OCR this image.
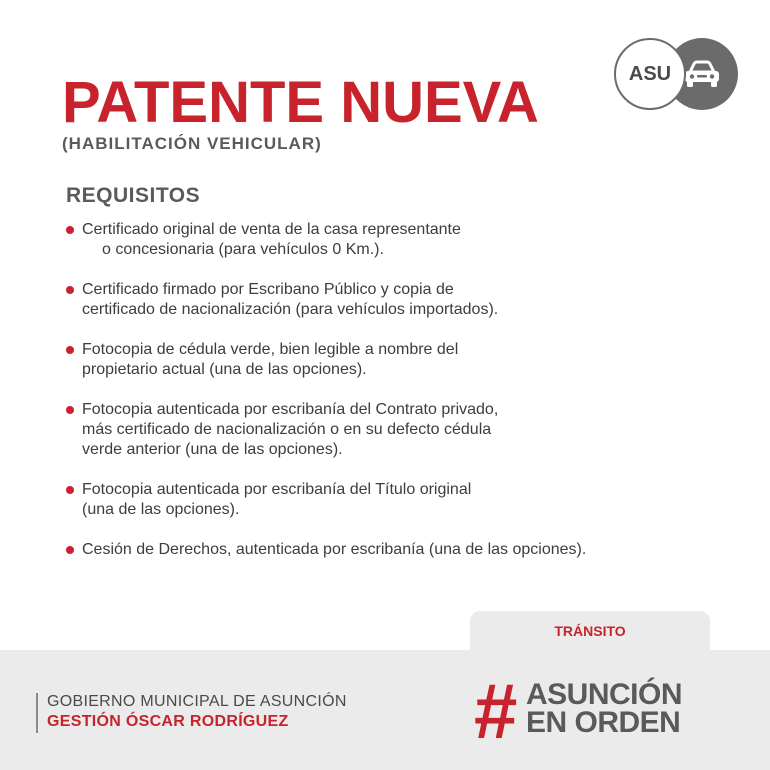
PATENTE NUEVA
(HABILITACIÓN VEHICULAR)
ASU
REQUISITOS
Certificado original de venta de la casa representante
o concesionaria (para vehículos 0 Km.).
Certificado firmado por Escribano Público y copia de
certificado de nacionalización (para vehículos importados).
Fotocopia de cédula verde, bien legible a nombre del
propietario actual (una de las opciones).
Fotocopia autenticada por escribanía del Contrato privado,
más certificado de nacionalización o en su defecto cédula
verde anterior (una de las opciones).
Fotocopia autenticada por escribanía del Título original
(una de las opciones).
Cesión de Derechos, autenticada por escribanía (una de las opciones).
TRÁNSITO
GOBIERNO MUNICIPAL DE ASUNCIÓN
GESTIÓN ÓSCAR RODRÍGUEZ # ASUNCIÓN
EN ORDEN
